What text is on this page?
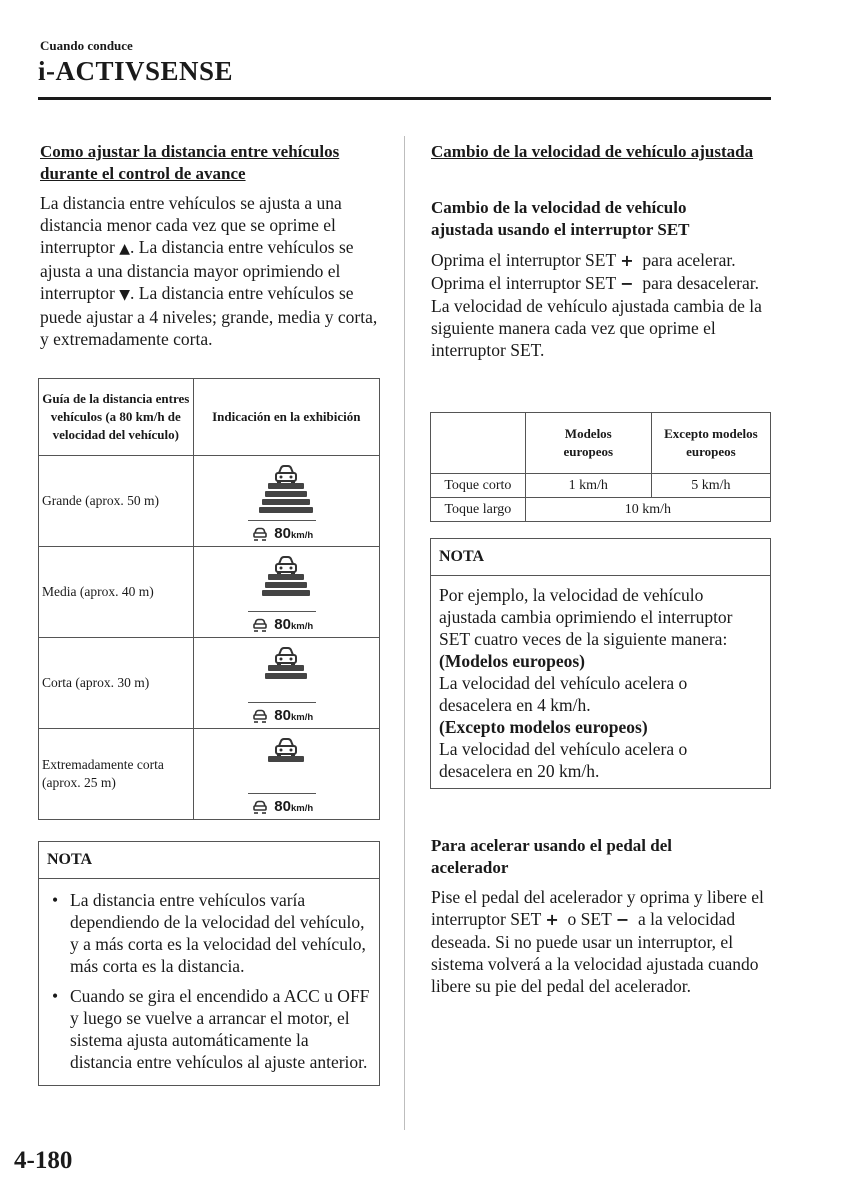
Cuando conduce
i-ACTIVSENSE
Como ajustar la distancia entre vehículos durante el control de avance
La distancia entre vehículos se ajusta a una distancia menor cada vez que se oprime el interruptor ▲. La distancia entre vehículos se ajusta a una distancia mayor oprimiendo el interruptor ▼. La distancia entre vehículos se puede ajustar a 4 niveles; grande, media y corta, y extremadamente corta.
Guía de la distancia entres vehículos (a 80 km/h de velocidad del vehículo)	Indicación en la exhibición
Grande (aprox. 50 m)	80km/h

Media (aprox. 40 m)	80km/h

Corta (aprox. 30 m)	80km/h

Extremadamente corta (aprox. 25 m)	80km/h
NOTA
• La distancia entre vehículos varía dependiendo de la velocidad del vehículo, y a más corta es la velocidad del vehículo, más corta es la distancia.
• Cuando se gira el encendido a ACC u OFF y luego se vuelve a arrancar el motor, el sistema ajusta automáticamente la distancia entre vehículos al ajuste anterior.
Cambio de la velocidad de vehículo ajustada
Cambio de la velocidad de vehículo ajustada usando el interruptor SET
Oprima el interruptor SET + para acelerar.
Oprima el interruptor SET − para desacelerar.
La velocidad de vehículo ajustada cambia de la siguiente manera cada vez que oprime el interruptor SET.
	Modelos europeos	Excepto modelos europeos
Toque corto	1 km/h	5 km/h
Toque largo	10 km/h	
NOTA
Por ejemplo, la velocidad de vehículo ajustada cambia oprimiendo el interruptor SET cuatro veces de la siguiente manera:
(Modelos europeos)
La velocidad del vehículo acelera o desacelera en 4 km/h.
(Excepto modelos europeos)
La velocidad del vehículo acelera o desacelera en 20 km/h.
Para acelerar usando el pedal del acelerador
Pise el pedal del acelerador y oprima y libere el interruptor SET + o SET − a la velocidad deseada. Si no puede usar un interruptor, el sistema volverá a la velocidad ajustada cuando libere su pie del pedal del acelerador.
4-180
